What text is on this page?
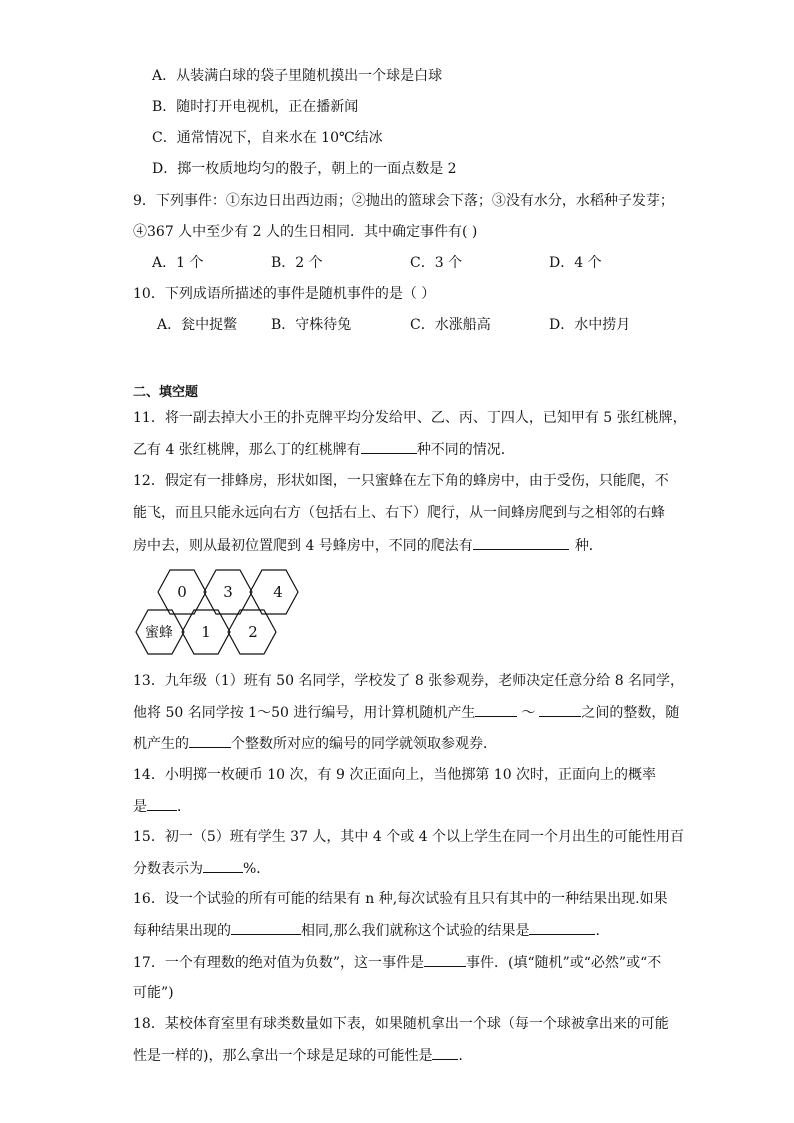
A．从装满白球的袋子里随机摸出一个球是白球
B．随时打开电视机，正在播新闻
C．通常情况下，自来水在 10℃结冰
D．掷一枚质地均匀的骰子，朝上的一面点数是 2
9．下列事件：①东边日出西边雨；②抛出的篮球会下落；③没有水分，水稻种子发芽；
④367 人中至少有 2 人的生日相同．其中确定事件有( )
A．1 个	B．2 个	C．3 个	D．4 个
10．下列成语所描述的事件是随机事件的是（ ）
A．瓮中捉鳖 B．守株待兔	C．水涨船高	D．水中捞月
二、填空题
11．将一副去掉大小王的扑克牌平均分发给甲、乙、丙、丁四人，已知甲有 5 张红桃牌，
乙有 4 张红桃牌，那么丁的红桃牌有	种不同的情况．
12．假定有一排蜂房，形状如图，一只蜜蜂在左下角的蜂房中，由于受伤，只能爬，不
能飞，而且只能永远向右方（包括右上、右下）爬行，从一间蜂房爬到与之相邻的右蜂
房中去，则从最初位置爬到 4 号蜂房中，不同的爬法有	种．
0 3	4
蜜蜂 1 2
13．九年级（1）班有 50 名同学，学校发了 8 张参观券，老师决定任意分给 8 名同学，
他将 50 名同学按 1～50 进行编号，用计算机随机产生	～	之间的整数，随
机产生的	个整数所对应的编号的同学就领取参观券．
14．小明掷一枚硬币 10 次，有 9 次正面向上，当他掷第 10 次时，正面向上的概率
是 ．
15．初一（5）班有学生 37 人，其中 4 个或 4 个以上学生在同一个月出生的可能性用百
分数表示为	%．
16．设一个试验的所有可能的结果有 n 种,每次试验有且只有其中的一种结果出现.如果
每种结果出现的	相同,那么我们就称这个试验的结果是	.
17．一个有理数的绝对值为负数”，这一事件是	事件．(填“随机”或“必然”或“不
可能”)
18．某校体育室里有球类数量如下表，如果随机拿出一个球（每一个球被拿出来的可能
性是一样的)，那么拿出一个球是足球的可能性是 ．
